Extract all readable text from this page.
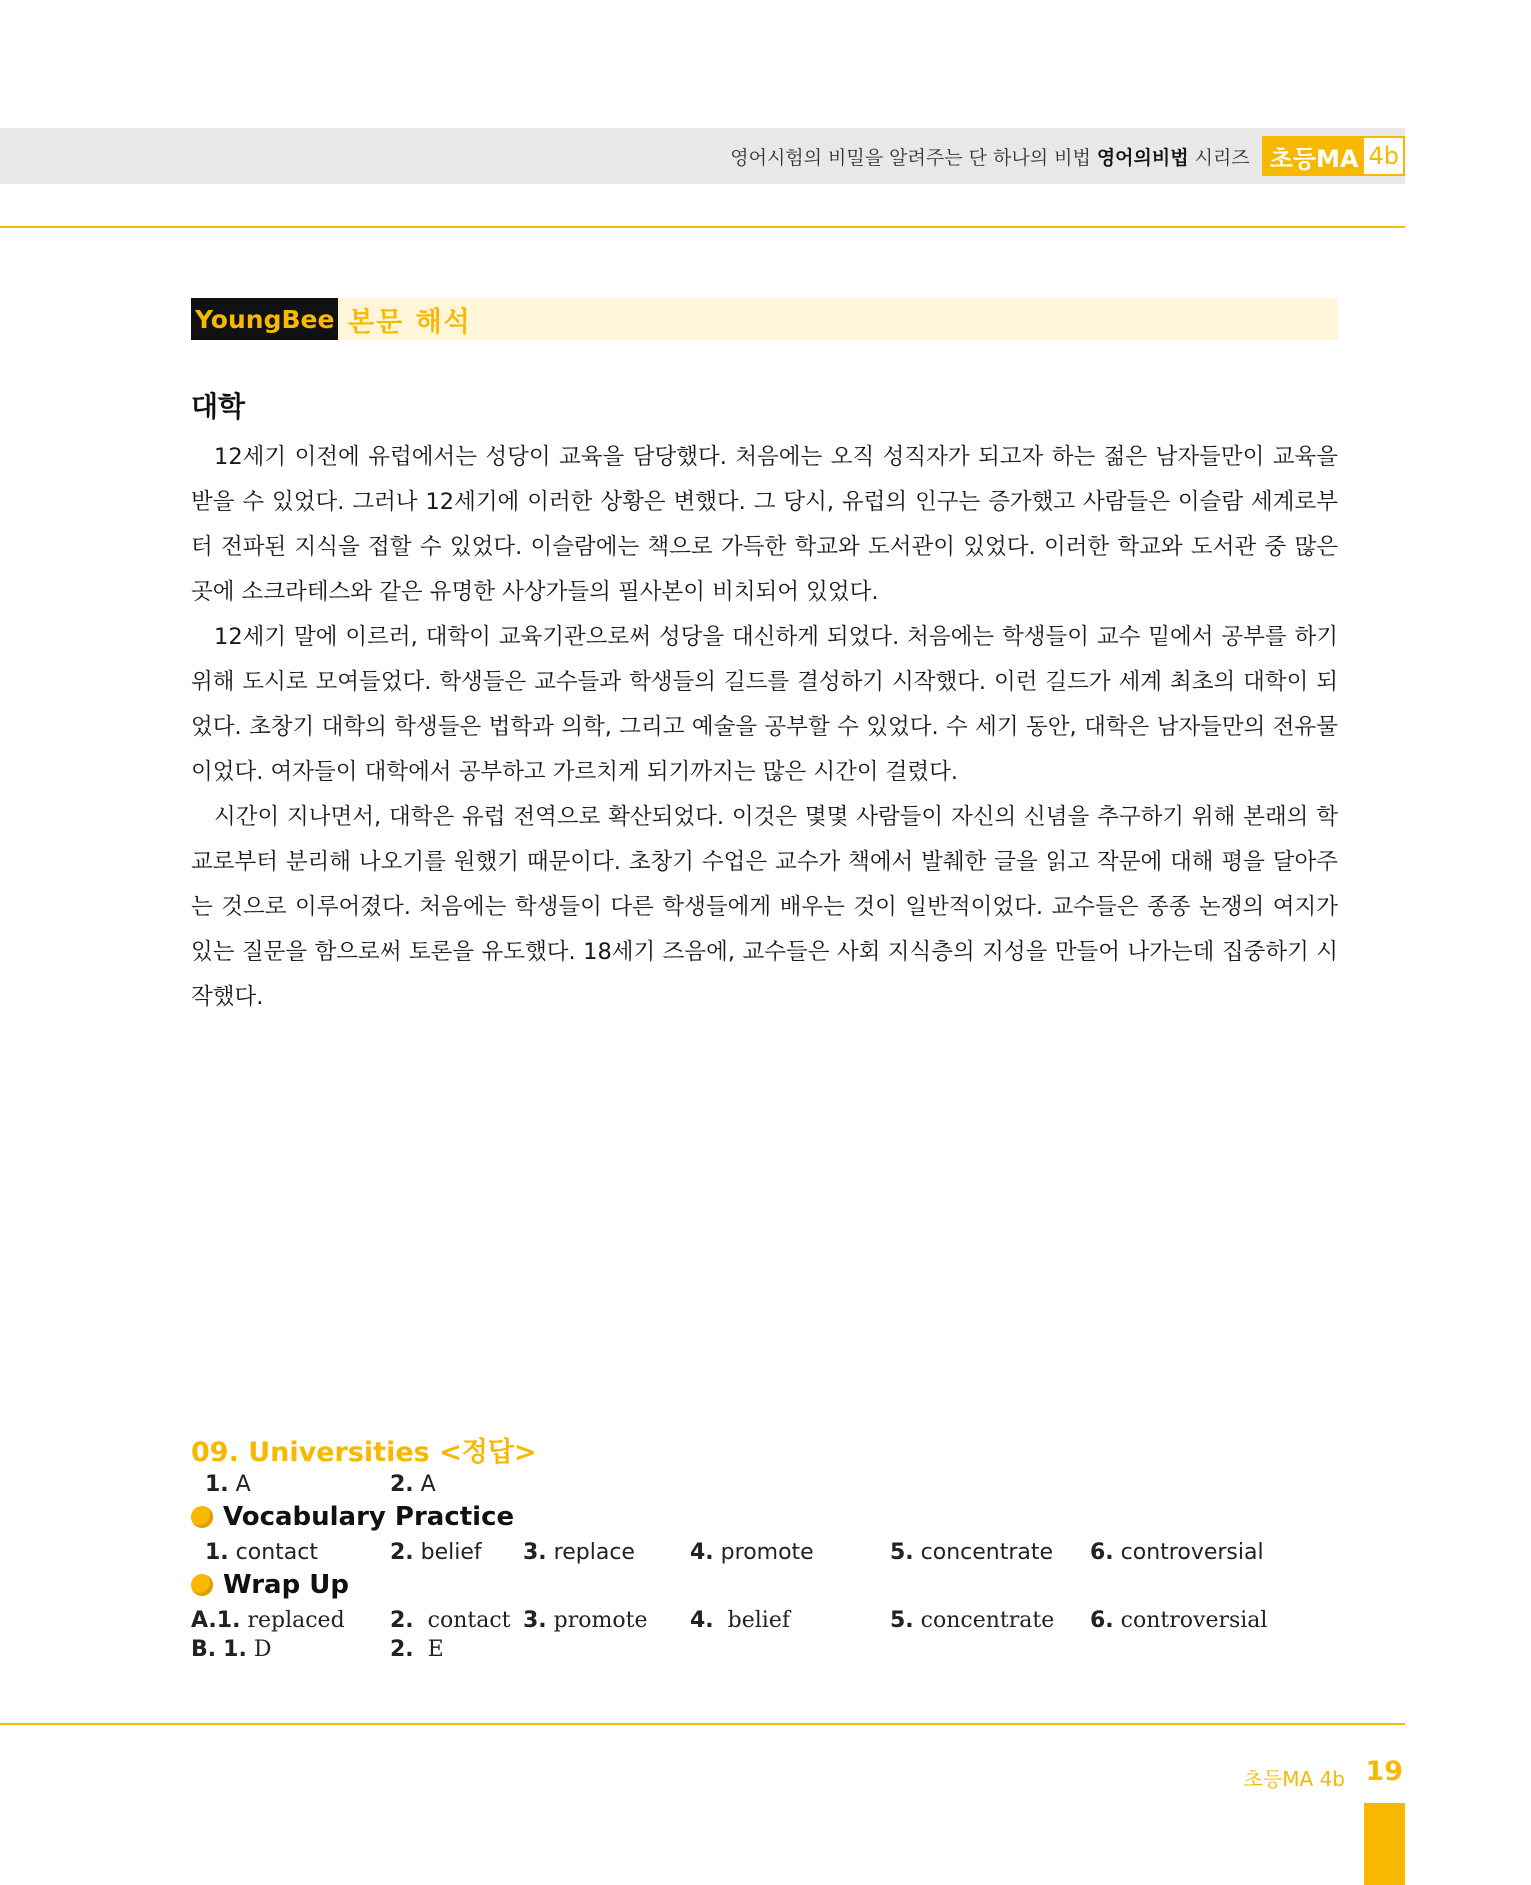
영어시험의 비밀을 알려주는 단 하나의 비법 영어의비법 시리즈 초등MA 4b
YoungBee 본문 해석
대학

12세기 이전에 유럽에서는 성당이 교육을 담당했다. 처음에는 오직 성직자가 되고자 하는 젊은 남자들만이 교육을 받을 수 있었다. 그러나 12세기에 이러한 상황은 변했다. 그 당시, 유럽의 인구는 증가했고 사람들은 이슬람 세계로부터 전파된 지식을 접할 수 있었다. 이슬람에는 책으로 가득한 학교와 도서관이 있었다. 이러한 학교와 도서관 중 많은 곳에 소크라테스와 같은 유명한 사상가들의 필사본이 비치되어 있었다.

12세기 말에 이르러, 대학이 교육기관으로써 성당을 대신하게 되었다. 처음에는 학생들이 교수 밑에서 공부를 하기 위해 도시로 모여들었다. 학생들은 교수들과 학생들의 길드를 결성하기 시작했다. 이런 길드가 세계 최초의 대학이 되었다. 초창기 대학의 학생들은 법학과 의학, 그리고 예술을 공부할 수 있었다. 수 세기 동안, 대학은 남자들만의 전유물이었다. 여자들이 대학에서 공부하고 가르치게 되기까지는 많은 시간이 걸렸다.

시간이 지나면서, 대학은 유럽 전역으로 확산되었다. 이것은 몇몇 사람들이 자신의 신념을 추구하기 위해 본래의 학교로부터 분리해 나오기를 원했기 때문이다. 초창기 수업은 교수가 책에서 발췌한 글을 읽고 작문에 대해 평을 달아주는 것으로 이루어졌다. 처음에는 학생들이 다른 학생들에게 배우는 것이 일반적이었다. 교수들은 종종 논쟁의 여지가 있는 질문을 함으로써 토론을 유도했다. 18세기 즈음에, 교수들은 사회 지식층의 지성을 만들어 나가는데 집중하기 시작했다.

09. Universities <정답>
1. A	2. A
Vocabulary Practice
1. contact	2. belief 3. replace	4. promote	5. concentrate 6. controversial
Wrap Up
A.1. replaced 2. contact 3. promote 4. belief	5. concentrate 6. controversial
B. 1. D	2. E
초등MA 4b 19
